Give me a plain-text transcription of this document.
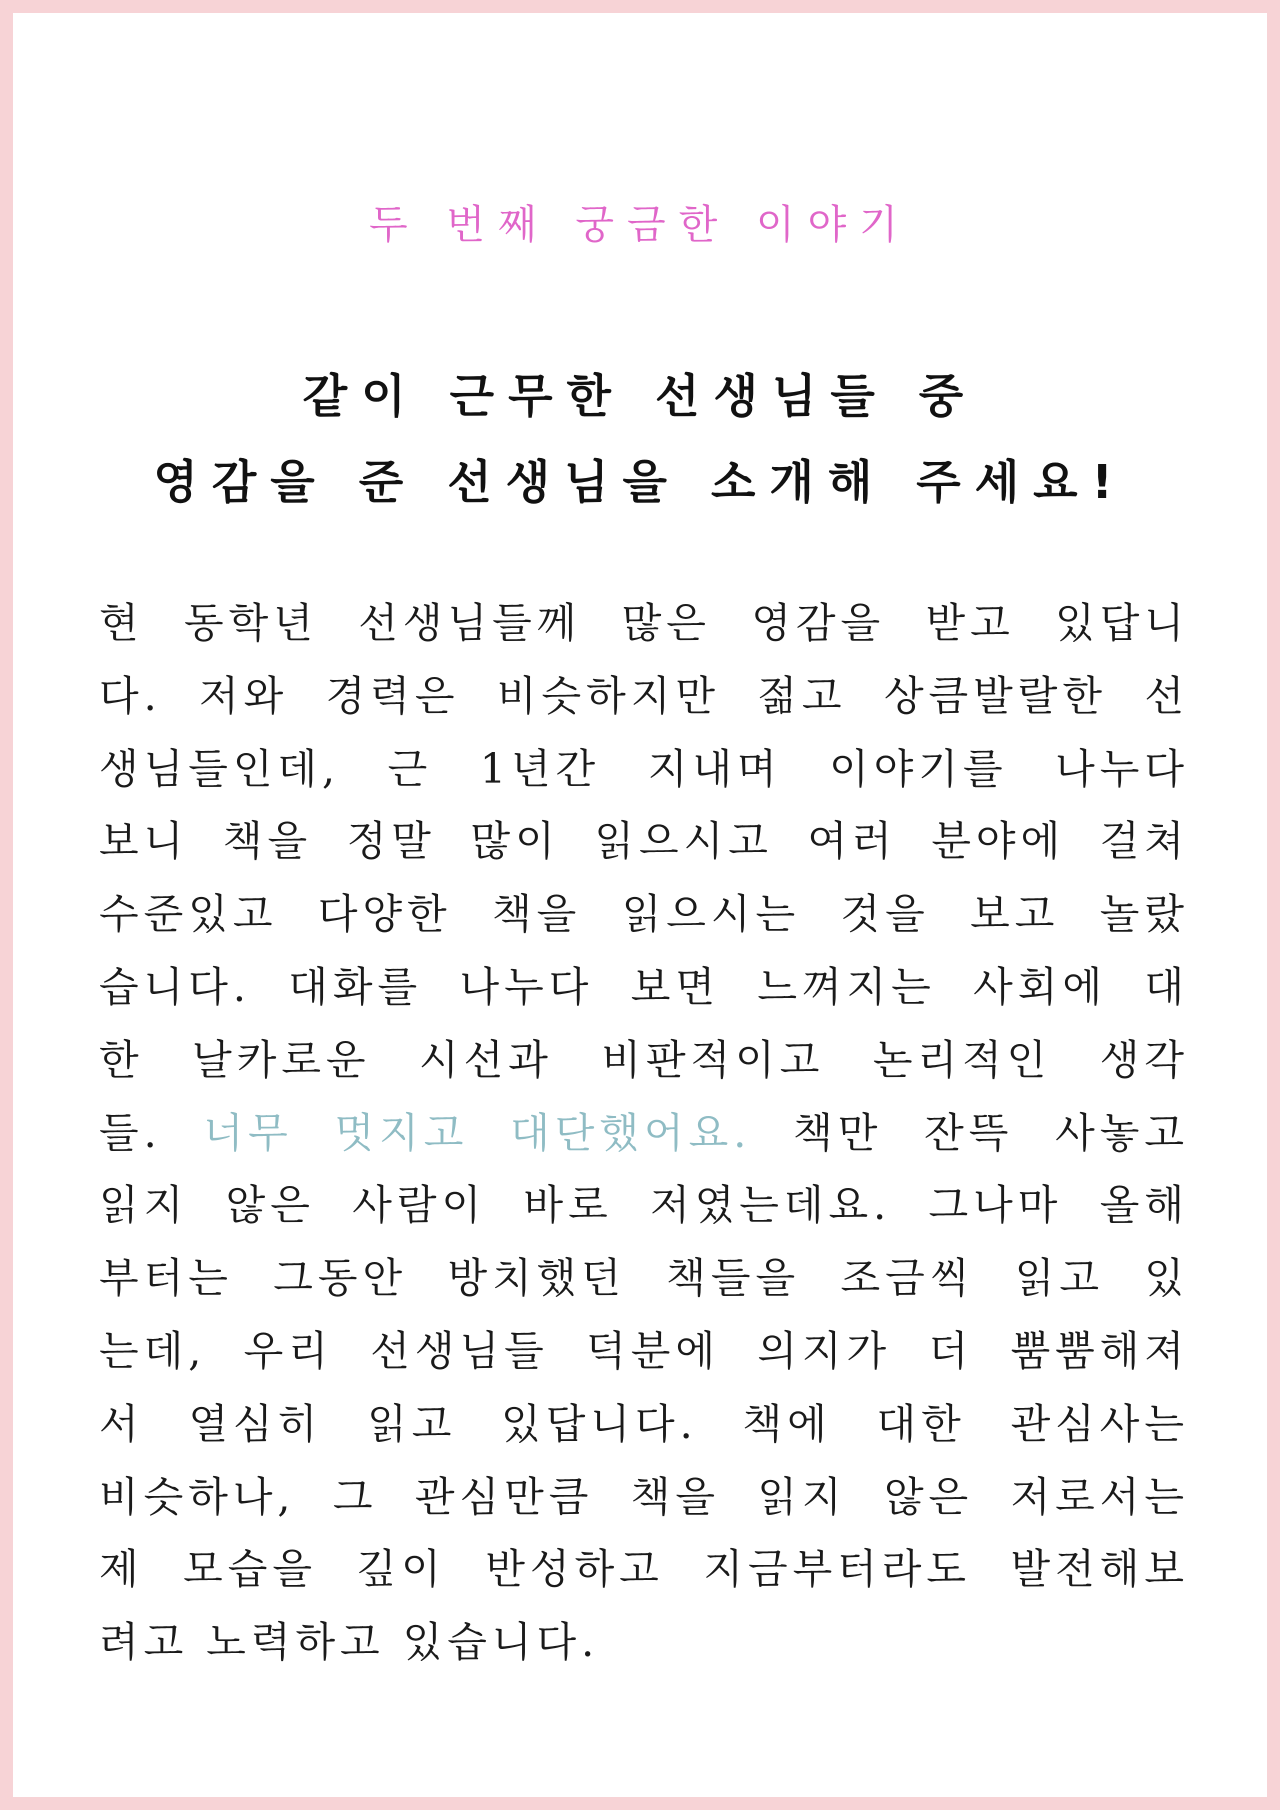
두 번째 궁금한 이야기
같이 근무한 선생님들 중
영감을 준 선생님을 소개해 주세요!
현 동학년 선생님들께 많은 영감을 받고 있답니
다. 저와 경력은 비슷하지만 젊고 상큼발랄한 선
생님들인데, 근 1년간 지내며 이야기를 나누다
보니 책을 정말 많이 읽으시고 여러 분야에 걸쳐
수준있고 다양한 책을 읽으시는 것을 보고 놀랐
습니다. 대화를 나누다 보면 느껴지는 사회에 대
한 날카로운 시선과 비판적이고 논리적인 생각
들. 너무 멋지고 대단했어요. 책만 잔뜩 사놓고
읽지 않은 사람이 바로 저였는데요. 그나마 올해
부터는 그동안 방치했던 책들을 조금씩 읽고 있
는데, 우리 선생님들 덕분에 의지가 더 뿜뿜해져
서 열심히 읽고 있답니다. 책에 대한 관심사는
비슷하나, 그 관심만큼 책을 읽지 않은 저로서는
제 모습을 깊이 반성하고 지금부터라도 발전해보
려고 노력하고 있습니다.
